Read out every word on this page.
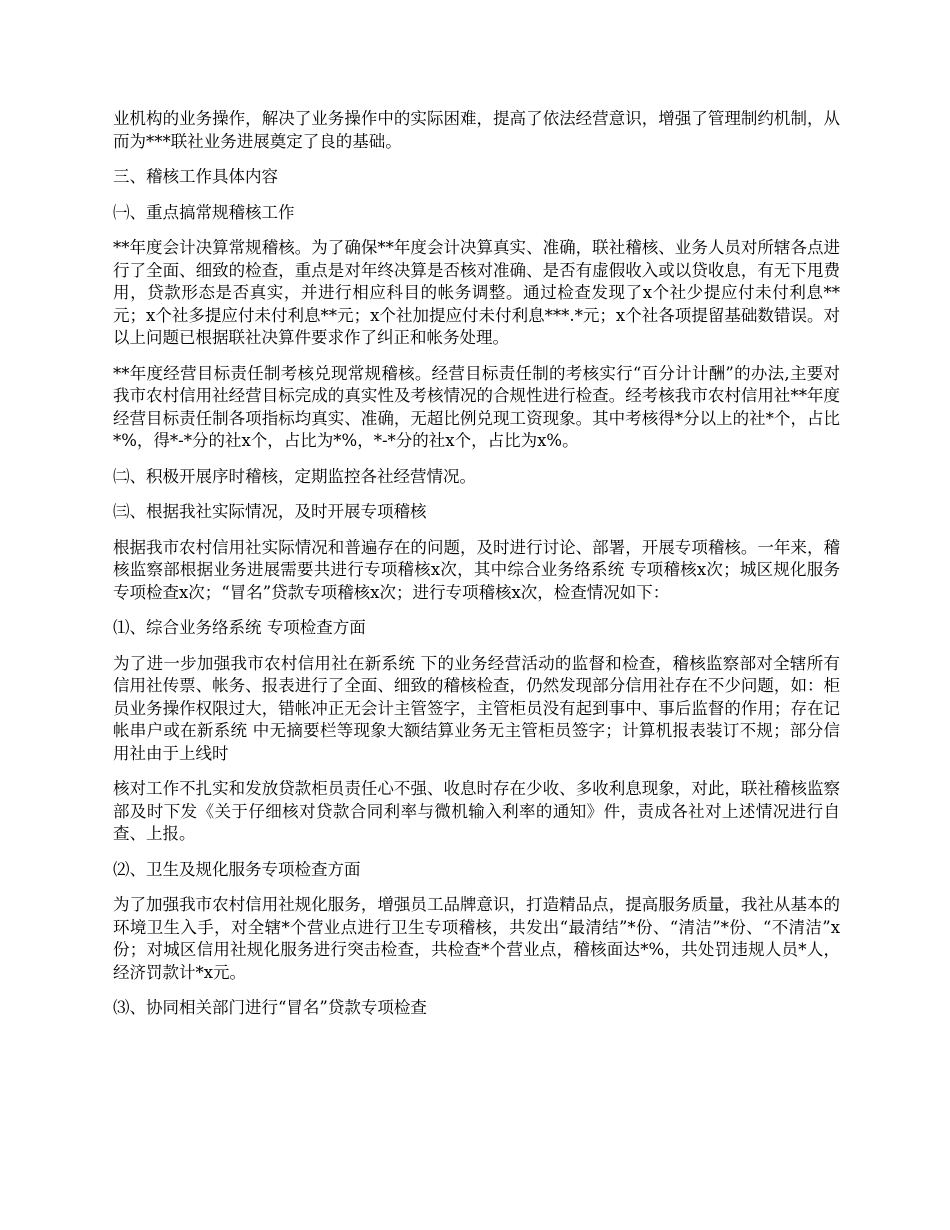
业机构的业务操作，解决了业务操作中的实际困难，提高了依法经营意识，增强了管理制约机制，从而为***联社业务进展奠定了良的基础。

三、稽核工作具体内容

㈠、重点搞常规稽核工作

**年度会计决算常规稽核。为了确保**年度会计决算真实、准确，联社稽核、业务人员对所辖各点进行了全面、细致的检查，重点是对年终决算是否核对准确、是否有虚假收入或以贷收息，有无下甩费用，贷款形态是否真实，并进行相应科目的帐务调整。通过检查发现了x个社少提应付未付利息**元；x个社多提应付未付利息**元；x个社加提应付未付利息***.*元；x个社各项提留基础数错误。对以上问题已根据联社决算件要求作了纠正和帐务处理。

**年度经营目标责任制考核兑现常规稽核。经营目标责任制的考核实行“百分计计酬”的办法,主要对我市农村信用社经营目标完成的真实性及考核情况的合规性进行检查。经考核我市农村信用社**年度经营目标责任制各项指标均真实、准确，无超比例兑现工资现象。其中考核得*分以上的社*个，占比*%，得*-*分的社x个，占比为*%，*-*分的社x个，占比为x%。

㈡、积极开展序时稽核，定期监控各社经营情况。

㈢、根据我社实际情况，及时开展专项稽核

根据我市农村信用社实际情况和普遍存在的问题，及时进行讨论、部署，开展专项稽核。一年来，稽核监察部根据业务进展需要共进行专项稽核x次，其中综合业务络系统 专项稽核x次；城区规化服务专项检查x次；“冒名”贷款专项稽核x次；进行专项稽核x次，检查情况如下：

⑴、综合业务络系统 专项检查方面

为了进一步加强我市农村信用社在新系统 下的业务经营活动的监督和检查，稽核监察部对全辖所有信用社传票、帐务、报表进行了全面、细致的稽核检查，仍然发现部分信用社存在不少问题，如：柜员业务操作权限过大，错帐冲正无会计主管签字，主管柜员没有起到事中、事后监督的作用；存在记帐串户或在新系统 中无摘要栏等现象大额结算业务无主管柜员签字；计算机报表装订不规；部分信用社由于上线时

核对工作不扎实和发放贷款柜员责任心不强、收息时存在少收、多收利息现象，对此，联社稽核监察部及时下发《关于仔细核对贷款合同利率与微机输入利率的通知》件，责成各社对上述情况进行自查、上报。

⑵、卫生及规化服务专项检查方面

为了加强我市农村信用社规化服务，增强员工品牌意识，打造精品点，提高服务质量，我社从基本的环境卫生入手，对全辖*个营业点进行卫生专项稽核，共发出“最清结”*份、“清洁”*份、“不清洁”x份；对城区信用社规化服务进行突击检查，共检查*个营业点，稽核面达*%，共处罚违规人员*人，经济罚款计*x元。

⑶、协同相关部门进行“冒名”贷款专项检查
